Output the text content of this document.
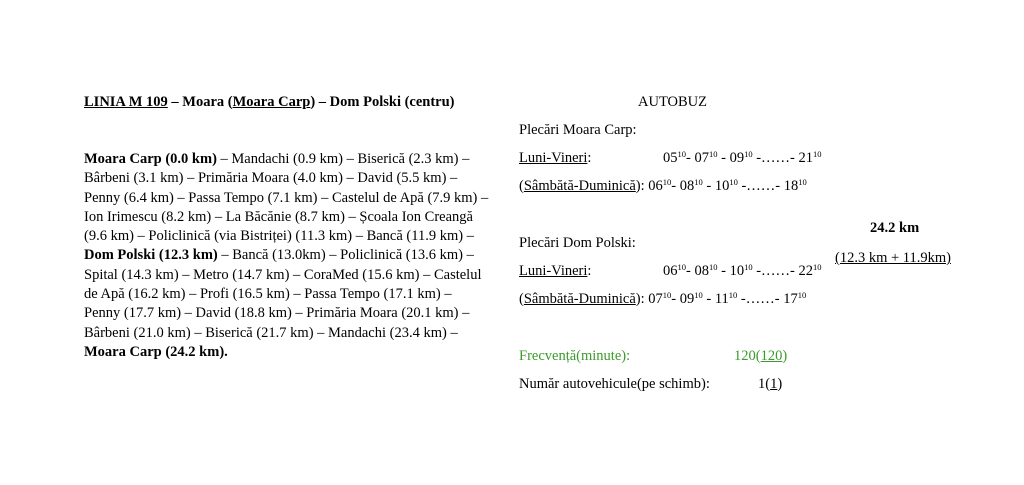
LINIA M 109 – Moara (Moara Carp) – Dom Polski (centru)	AUTOBUZ
Moara Carp (0.0 km) – Mandachi (0.9 km) – Biserică (2.3 km) –
Bârbeni (3.1 km) – Primăria Moara (4.0 km) – David (5.5 km) –
Penny (6.4 km) – Passa Tempo (7.1 km) – Castelul de Apă (7.9 km) –
Ion Irimescu (8.2 km) – La Băcănie (8.7 km) – Școala Ion Creangă
(9.6 km) – Policlinică (via Bistriței) (11.3 km) – Bancă (11.9 km) –
Dom Polski (12.3 km) – Bancă (13.0km) – Policlinică (13.6 km) –
Spital (14.3 km) – Metro (14.7 km) – CoraMed (15.6 km) – Castelul
de Apă (16.2 km) – Profi (16.5 km) – Passa Tempo (17.1 km) –
Penny (17.7 km) – David (18.8 km) – Primăria Moara (20.1 km) –
Bârbeni (21.0 km) – Biserică (21.7 km) – Mandachi (23.4 km) –
Moara Carp (24.2 km).
Plecări Moara Carp:
Luni-Vineri:	$05^{10}-$ $07^{10} - 09^{10}$ -……- $21^{10}$
(Sâmbătă-Duminică): $06^{10}-$ $08^{10} - 10^{10}$ -……- $18^{10}$
24.2 km
(12.3 km + 11.9km)
Plecări Dom Polski:
Luni-Vineri:	$06^{10}-$ $08^{10} - 10^{10}$ -……- $22^{10}$
(Sâmbătă-Duminică): $07^{10}-$ $09^{10} - 11^{10}$ -……- $17^{10}$
Frecvență(minute):	120(120)
Număr autovehicule(pe schimb):	1(1)
